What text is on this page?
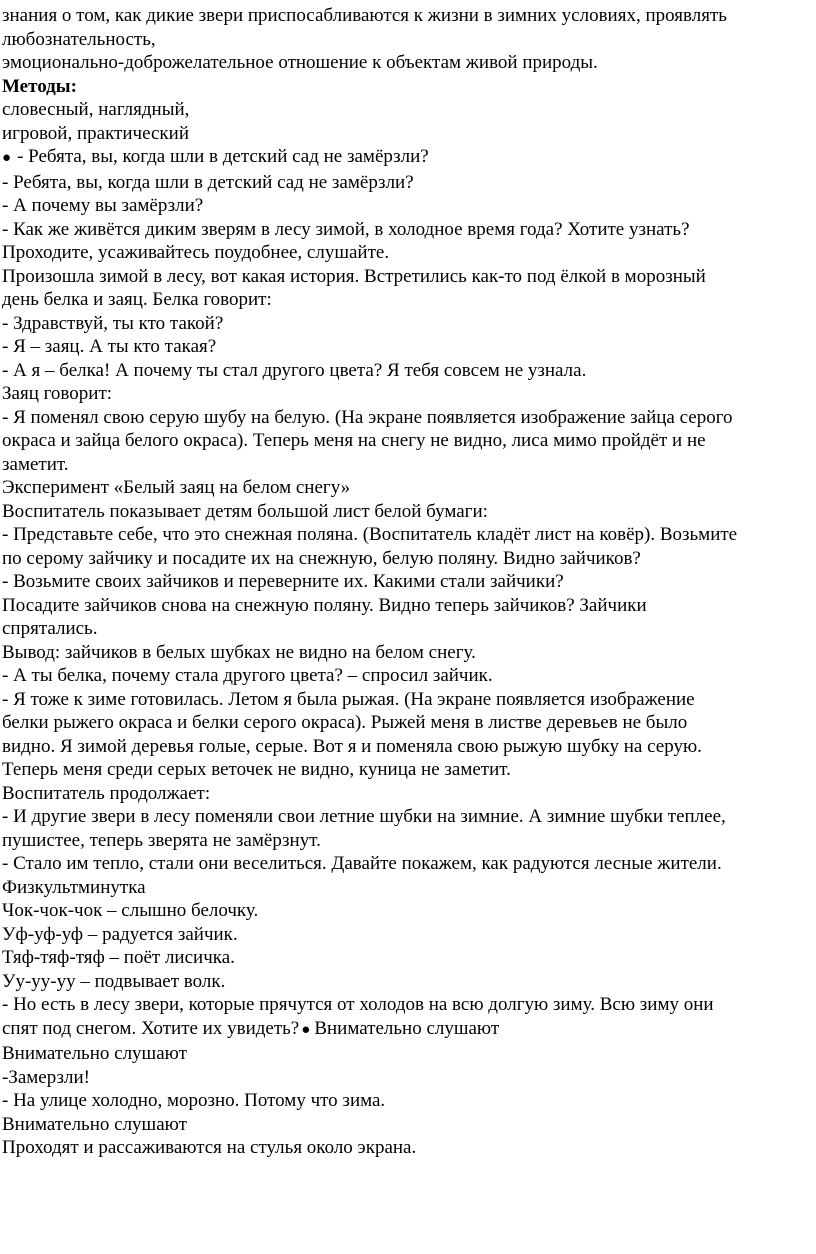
знания о том, как дикие звери приспосабливаются к жизни в зимних условиях, проявлять

любознательность,

эмоционально-доброжелательное отношение к объектам живой природы.

Методы:

словесный, наглядный,

игровой, практический

● - Ребята, вы, когда шли в детский сад не замёрзли?

- Ребята, вы, когда шли в детский сад не замёрзли?

- А почему вы замёрзли?

- Как же живётся диким зверям в лесу зимой, в холодное время года? Хотите узнать?

Проходите, усаживайтесь поудобнее, слушайте.

Произошла зимой в лесу, вот какая история. Встретились как-то под ёлкой в морозный

день белка и заяц. Белка говорит:

- Здравствуй, ты кто такой?

- Я – заяц. А ты кто такая?

- А я – белка! А почему ты стал другого цвета? Я тебя совсем не узнала.

Заяц говорит:

- Я поменял свою серую шубу на белую. (На экране появляется изображение зайца серого

окраса и зайца белого окраса). Теперь меня на снегу не видно, лиса мимо пройдёт и не

заметит.

Эксперимент «Белый заяц на белом снегу»

Воспитатель показывает детям большой лист белой бумаги:

- Представьте себе, что это снежная поляна. (Воспитатель кладёт лист на ковёр). Возьмите

по серому зайчику и посадите их на снежную, белую поляну. Видно зайчиков?

- Возьмите своих зайчиков и переверните их. Какими стали зайчики?

Посадите зайчиков снова на снежную поляну. Видно теперь зайчиков? Зайчики

спрятались.

Вывод: зайчиков в белых шубках не видно на белом снегу.

- А ты белка, почему стала другого цвета? – спросил зайчик.

- Я тоже к зиме готовилась. Летом я была рыжая. (На экране появляется изображение

белки рыжего окраса и белки серого окраса). Рыжей меня в листве деревьев не было

видно. Я зимой деревья голые, серые. Вот я и поменяла свою рыжую шубку на серую.

Теперь меня среди серых веточек не видно, куница не заметит.

Воспитатель продолжает:

- И другие звери в лесу поменяли свои летние шубки на зимние. А зимние шубки теплее,

пушистее, теперь зверята не замёрзнут.

- Стало им тепло, стали они веселиться. Давайте покажем, как радуются лесные жители.

Физкультминутка

Чок-чок-чок – слышно белочку.

Уф-уф-уф – радуется зайчик.

Тяф-тяф-тяф – поёт лисичка.

Уу-уу-уу – подвывает волк.

- Но есть в лесу звери, которые прячутся от холодов на всю долгую зиму. Всю зиму они

спят под снегом. Хотите их увидеть? ● Внимательно слушают

Внимательно слушают

-Замерзли!

- На улице холодно, морозно. Потому что зима.

Внимательно слушают

Проходят и рассаживаются на стулья около экрана.
